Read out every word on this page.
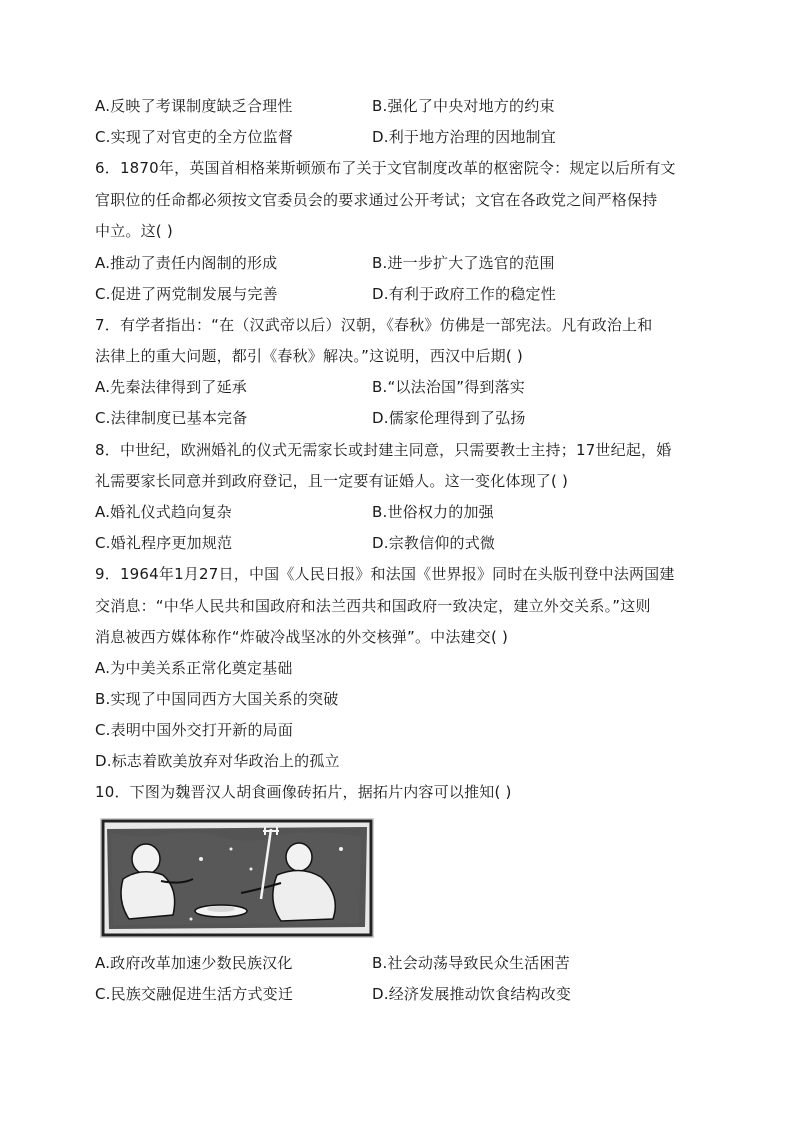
A.反映了考课制度缺乏合理性	B.强化了中央对地方的约束
C.实现了对官吏的全方位监督	D.利于地方治理的因地制宜
6．1870年，英国首相格莱斯顿颁布了关于文官制度改革的枢密院令：规定以后所有文
官职位的任命都必须按文官委员会的要求通过公开考试；文官在各政党之间严格保持
中立。这( )
A.推动了责任内阁制的形成	B.进一步扩大了选官的范围
C.促进了两党制发展与完善	D.有利于政府工作的稳定性
7．有学者指出：“在（汉武帝以后）汉朝，《春秋》仿佛是一部宪法。凡有政治上和
法律上的重大问题，都引《春秋》解决。”这说明，西汉中后期( )
A.先秦法律得到了延承	B.“以法治国”得到落实
C.法律制度已基本完备	D.儒家伦理得到了弘扬
8．中世纪，欧洲婚礼的仪式无需家长或封建主同意，只需要教士主持；17世纪起，婚
礼需要家长同意并到政府登记，且一定要有证婚人。这一变化体现了( )
A.婚礼仪式趋向复杂	B.世俗权力的加强
C.婚礼程序更加规范	D.宗教信仰的式微
9．1964年1月27日，中国《人民日报》和法国《世界报》同时在头版刊登中法两国建
交消息：“中华人民共和国政府和法兰西共和国政府一致决定，建立外交关系。”这则
消息被西方媒体称作“炸破冷战坚冰的外交核弹”。中法建交( )
A.为中美关系正常化奠定基础
B.实现了中国同西方大国关系的突破
C.表明中国外交打开新的局面
D.标志着欧美放弃对华政治上的孤立
10．下图为魏晋汉人胡食画像砖拓片，据拓片内容可以推知( )
A.政府改革加速少数民族汉化	B.社会动荡导致民众生活困苦
C.民族交融促进生活方式变迁	D.经济发展推动饮食结构改变
